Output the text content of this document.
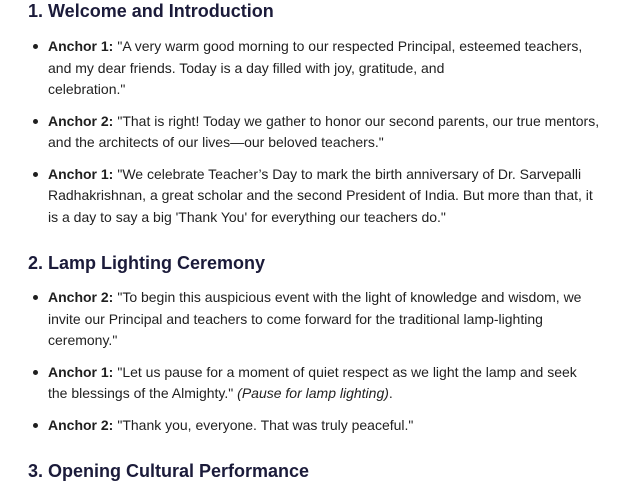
1. Welcome and Introduction
Anchor 1: "A very warm good morning to our respected Principal, esteemed teachers,
and my dear friends. Today is a day filled with joy, gratitude, and
celebration."
Anchor 2: "That is right! Today we gather to honor our second parents, our true mentors,
and the architects of our lives—our beloved teachers."
Anchor 1: "We celebrate Teacher’s Day to mark the birth anniversary of Dr. Sarvepalli
Radhakrishnan, a great scholar and the second President of India. But more than that, it
is a day to say a big 'Thank You' for everything our teachers do."
2. Lamp Lighting Ceremony
Anchor 2: "To begin this auspicious event with the light of knowledge and wisdom, we
invite our Principal and teachers to come forward for the traditional lamp-lighting
ceremony."
Anchor 1: "Let us pause for a moment of quiet respect as we light the lamp and seek
the blessings of the Almighty." (Pause for lamp lighting).
Anchor 2: "Thank you, everyone. That was truly peaceful."
3. Opening Cultural Performance
